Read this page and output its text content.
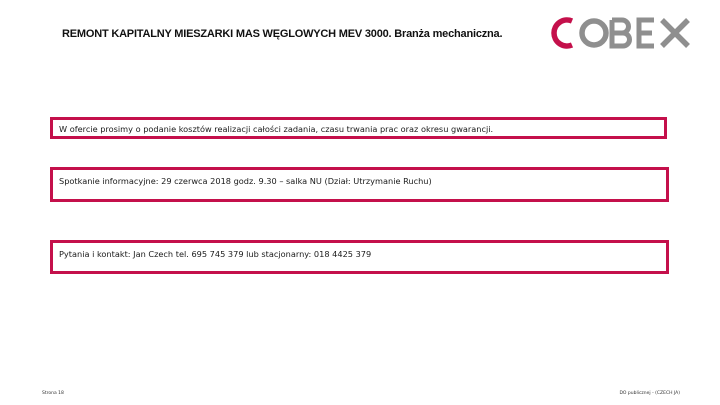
REMONT KAPITALNY MIESZARKI MAS WĘGLOWYCH MEV 3000. Branża mechaniczna.
W ofercie prosimy o podanie kosztów realizacji całości zadania, czasu trwania prac oraz okresu gwarancji.
Spotkanie informacyjne: 29 czerwca 2018 godz. 9.30 – salka NU (Dział: Utrzymanie Ruchu)
Pytania i kontakt: Jan Czech tel. 695 745 379 lub stacjonarny: 018 4425 379
Strona 18	DO publicznej - (CZECH JA)
